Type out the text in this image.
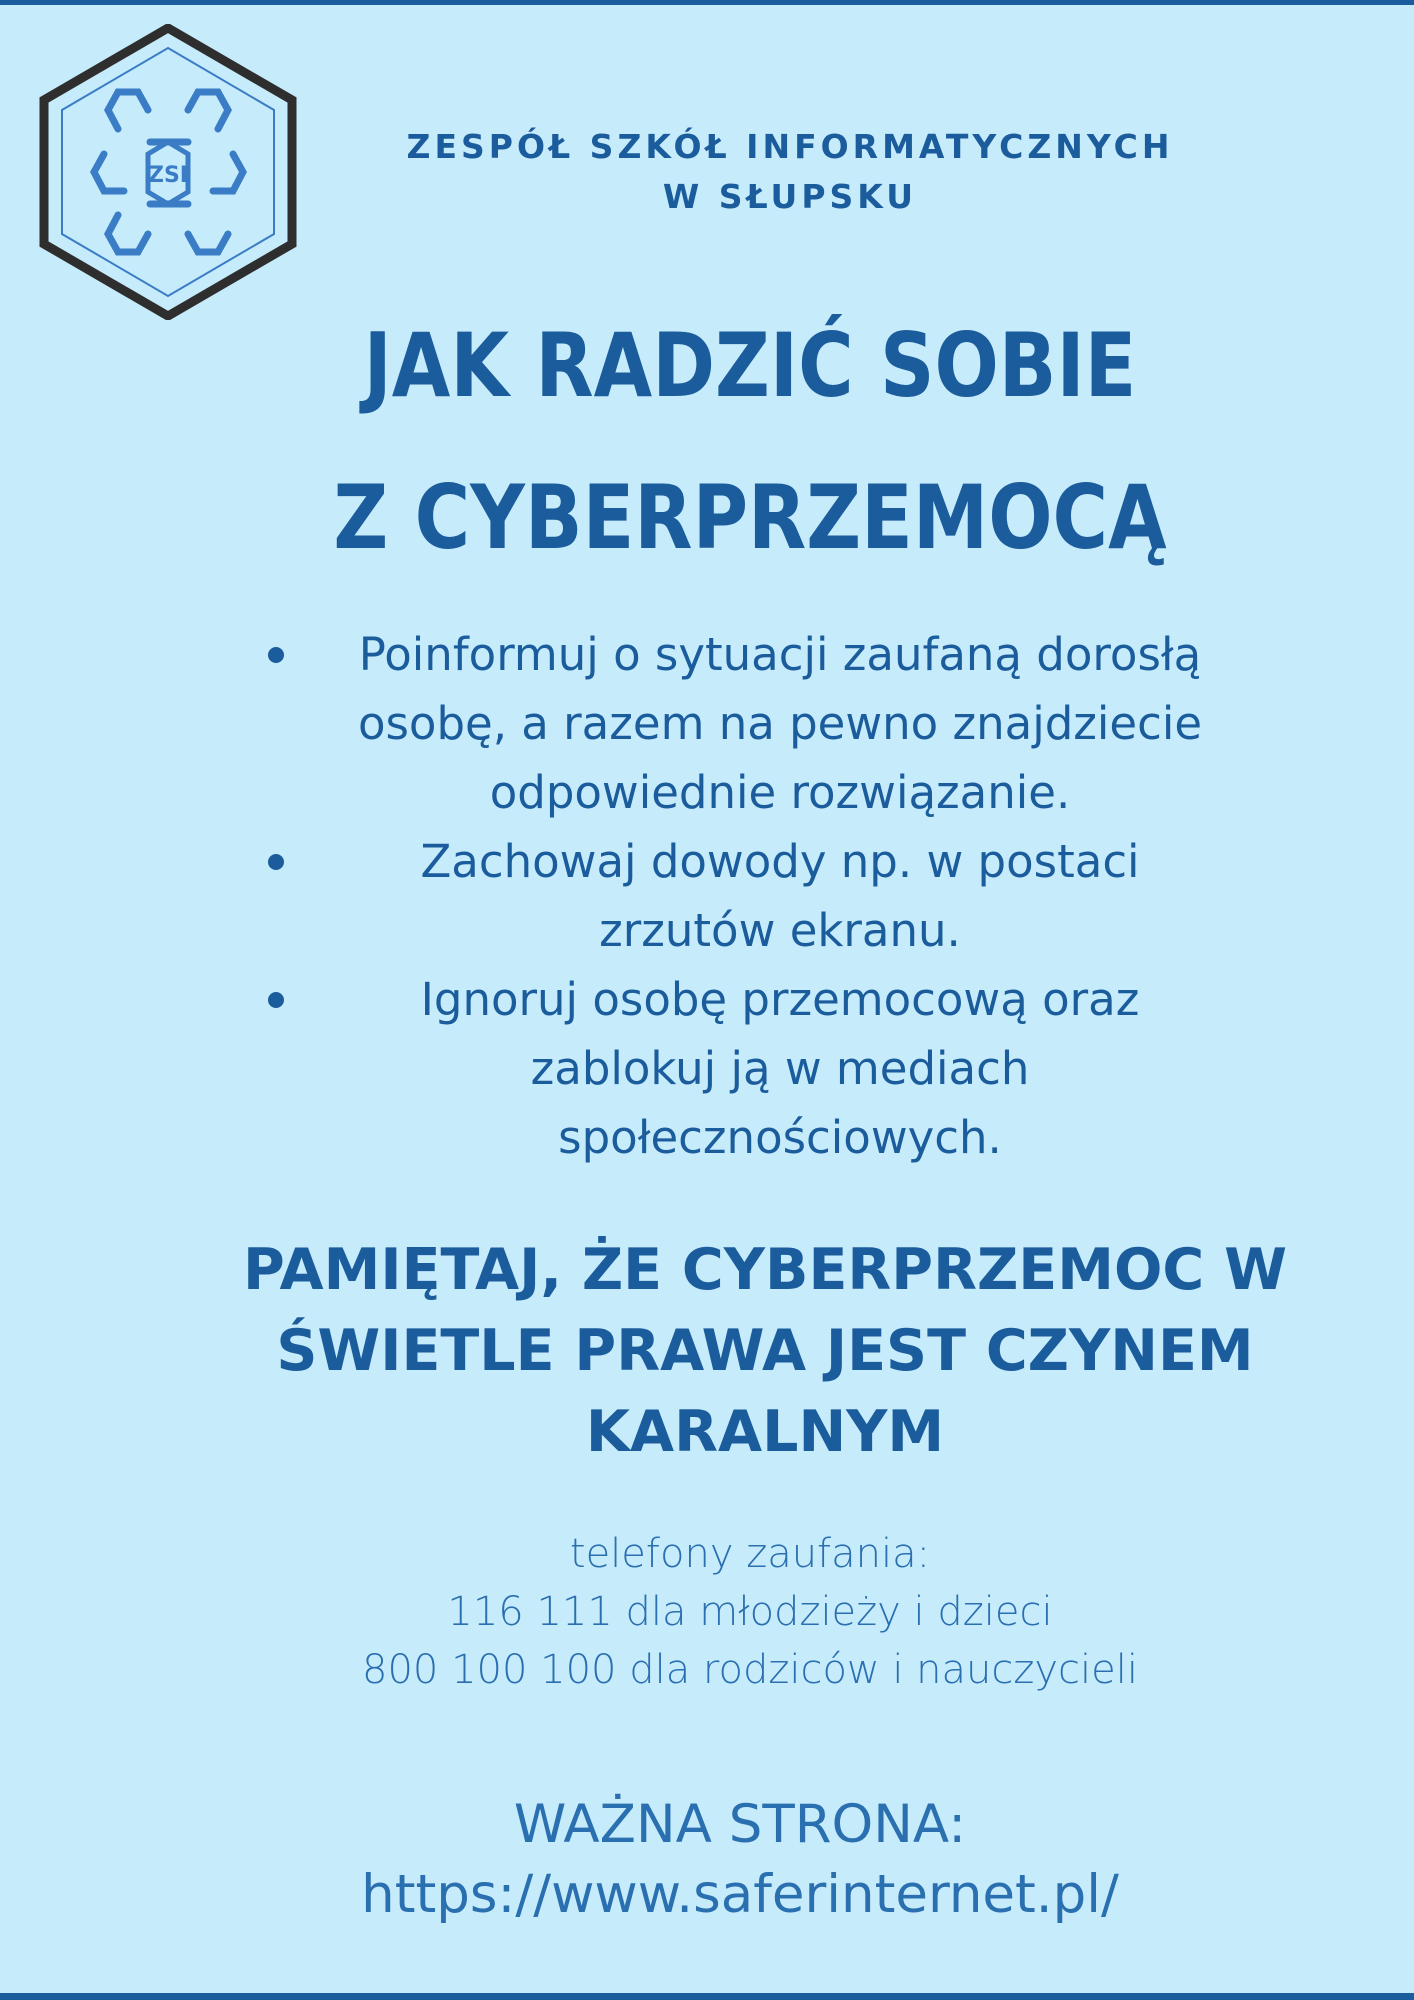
ZSI
ZESPÓŁ SZKÓŁ INFORMATYCZNYCH
W SŁUPSKU
JAK RADZIĆ SOBIE
Z CYBERPRZEMOCĄ
Poinformuj o sytuacji zaufaną dorosłą
osobę, a razem na pewno znajdziecie
odpowiednie rozwiązanie.
Zachowaj dowody np. w postaci
zrzutów ekranu.
Ignoruj osobę przemocową oraz
zablokuj ją w mediach
społecznościowych.
PAMIĘTAJ, ŻE CYBERPRZEMOC W
ŚWIETLE PRAWA JEST CZYNEM
KARALNYM
telefony zaufania:
116 111 dla młodzieży i dzieci
800 100 100 dla rodziców i nauczycieli
WAŻNA STRONA: https://www.saferinternet.pl/
